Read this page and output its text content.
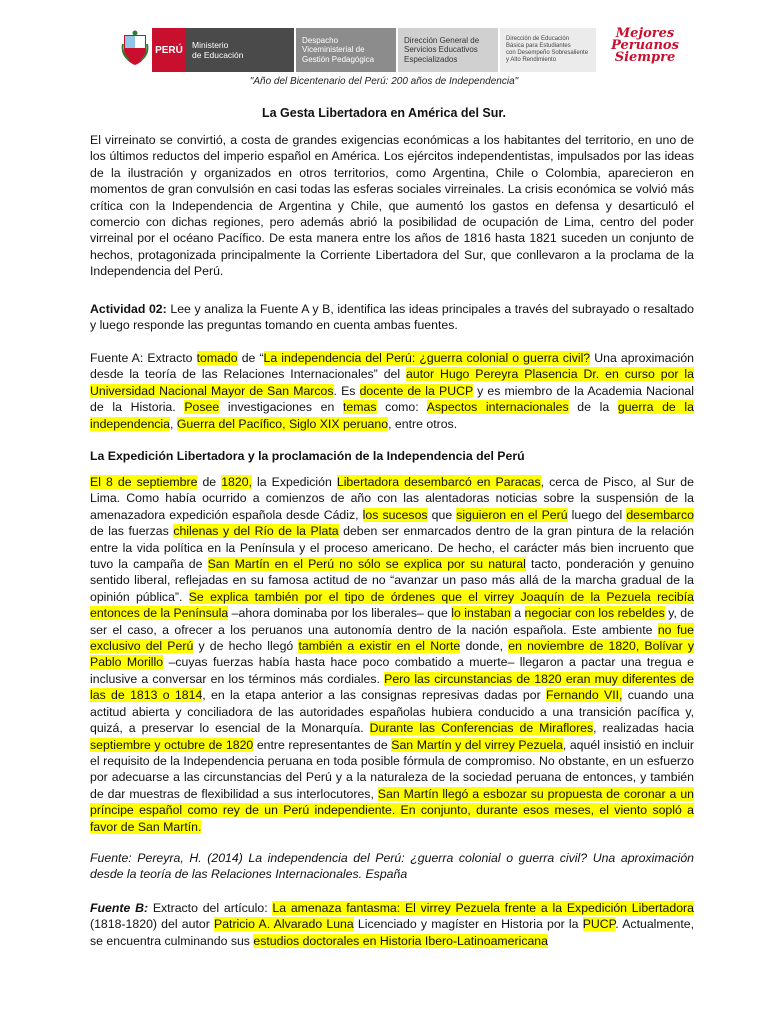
PERÚ	Ministerio
de Educación
Despacho
Viceministerial de
Gestión Pedagógica
Dirección General de
Servicios Educativos
Especializados
Dirección de Educación
Básica para Estudiantes
con Desempeño Sobresaliente
y Alto Rendimiento
Mejores
Peruanos
Siempre
"Año del Bicentenario del Perú: 200 años de Independencia"
La Gesta Libertadora en América del Sur.
El virreinato se convirtió, a costa de grandes exigencias económicas a los habitantes del territorio, en uno de los últimos reductos del imperio español en América. Los ejércitos independentistas, impulsados por las ideas de la ilustración y organizados en otros territorios, como Argentina, Chile o Colombia, aparecieron en momentos de gran convulsión en casi todas las esferas sociales virreinales. La crisis económica se volvió más crítica con la Independencia de Argentina y Chile, que aumentó los gastos en defensa y desarticuló el comercio con dichas regiones, pero además abrió la posibilidad de ocupación de Lima, centro del poder virreinal por el océano Pacífico. De esta manera entre los años de 1816 hasta 1821 suceden un conjunto de hechos, protagonizada principalmente la Corriente Libertadora del Sur, que conllevaron a la proclama de la Independencia del Perú.
Actividad 02: Lee y analiza la Fuente A y B, identifica las ideas principales a través del subrayado o resaltado y luego responde las preguntas tomando en cuenta ambas fuentes.
Fuente A: Extracto tomado de “La independencia del Perú: ¿guerra colonial o guerra civil? Una aproximación desde la teoría de las Relaciones Internacionales” del autor Hugo Pereyra Plasencia Dr. en curso por la Universidad Nacional Mayor de San Marcos. Es docente de la PUCP y es miembro de la Academia Nacional de la Historia. Posee investigaciones en temas como: Aspectos internacionales de la guerra de la independencia, Guerra del Pacífico, Siglo XIX peruano, entre otros.
La Expedición Libertadora y la proclamación de la Independencia del Perú
El 8 de septiembre de 1820, la Expedición Libertadora desembarcó en Paracas, cerca de Pisco, al Sur de Lima. Como había ocurrido a comienzos de año con las alentadoras noticias sobre la suspensión de la amenazadora expedición española desde Cádiz, los sucesos que siguieron en el Perú luego del desembarco de las fuerzas chilenas y del Río de la Plata deben ser enmarcados dentro de la gran pintura de la relación entre la vida política en la Península y el proceso americano. De hecho, el carácter más bien incruento que tuvo la campaña de San Martín en el Perú no sólo se explica por su natural tacto, ponderación y genuino sentido liberal, reflejadas en su famosa actitud de no “avanzar un paso más allá de la marcha gradual de la opinión pública”. Se explica también por el tipo de órdenes que el virrey Joaquín de la Pezuela recibía entonces de la Península –ahora dominaba por los liberales– que lo instaban a negociar con los rebeldes y, de ser el caso, a ofrecer a los peruanos una autonomía dentro de la nación española. Este ambiente no fue exclusivo del Perú y de hecho llegó también a existir en el Norte donde, en noviembre de 1820, Bolívar y Pablo Morillo –cuyas fuerzas había hasta hace poco combatido a muerte– llegaron a pactar una tregua e inclusive a conversar en los términos más cordiales. Pero las circunstancias de 1820 eran muy diferentes de las de 1813 o 1814, en la etapa anterior a las consignas represivas dadas por Fernando VII, cuando una actitud abierta y conciliadora de las autoridades españolas hubiera conducido a una transición pacífica y, quizá, a preservar lo esencial de la Monarquía. Durante las Conferencias de Miraflores, realizadas hacia septiembre y octubre de 1820 entre representantes de San Martín y del virrey Pezuela, aquél insistió en incluir el requisito de la Independencia peruana en toda posible fórmula de compromiso. No obstante, en un esfuerzo por adecuarse a las circunstancias del Perú y a la naturaleza de la sociedad peruana de entonces, y también de dar muestras de flexibilidad a sus interlocutores, San Martín llegó a esbozar su propuesta de coronar a un príncipe español como rey de un Perú independiente. En conjunto, durante esos meses, el viento sopló a favor de San Martín.
Fuente: Pereyra, H. (2014) La independencia del Perú: ¿guerra colonial o guerra civil? Una aproximación desde la teoría de las Relaciones Internacionales. España
Fuente B: Extracto del artículo: La amenaza fantasma: El virrey Pezuela frente a la Expedición Libertadora (1818-1820) del autor Patricio A. Alvarado Luna Licenciado y magíster en Historia por la PUCP. Actualmente, se encuentra culminando sus estudios doctorales en Historia Ibero-Latinoamericana
